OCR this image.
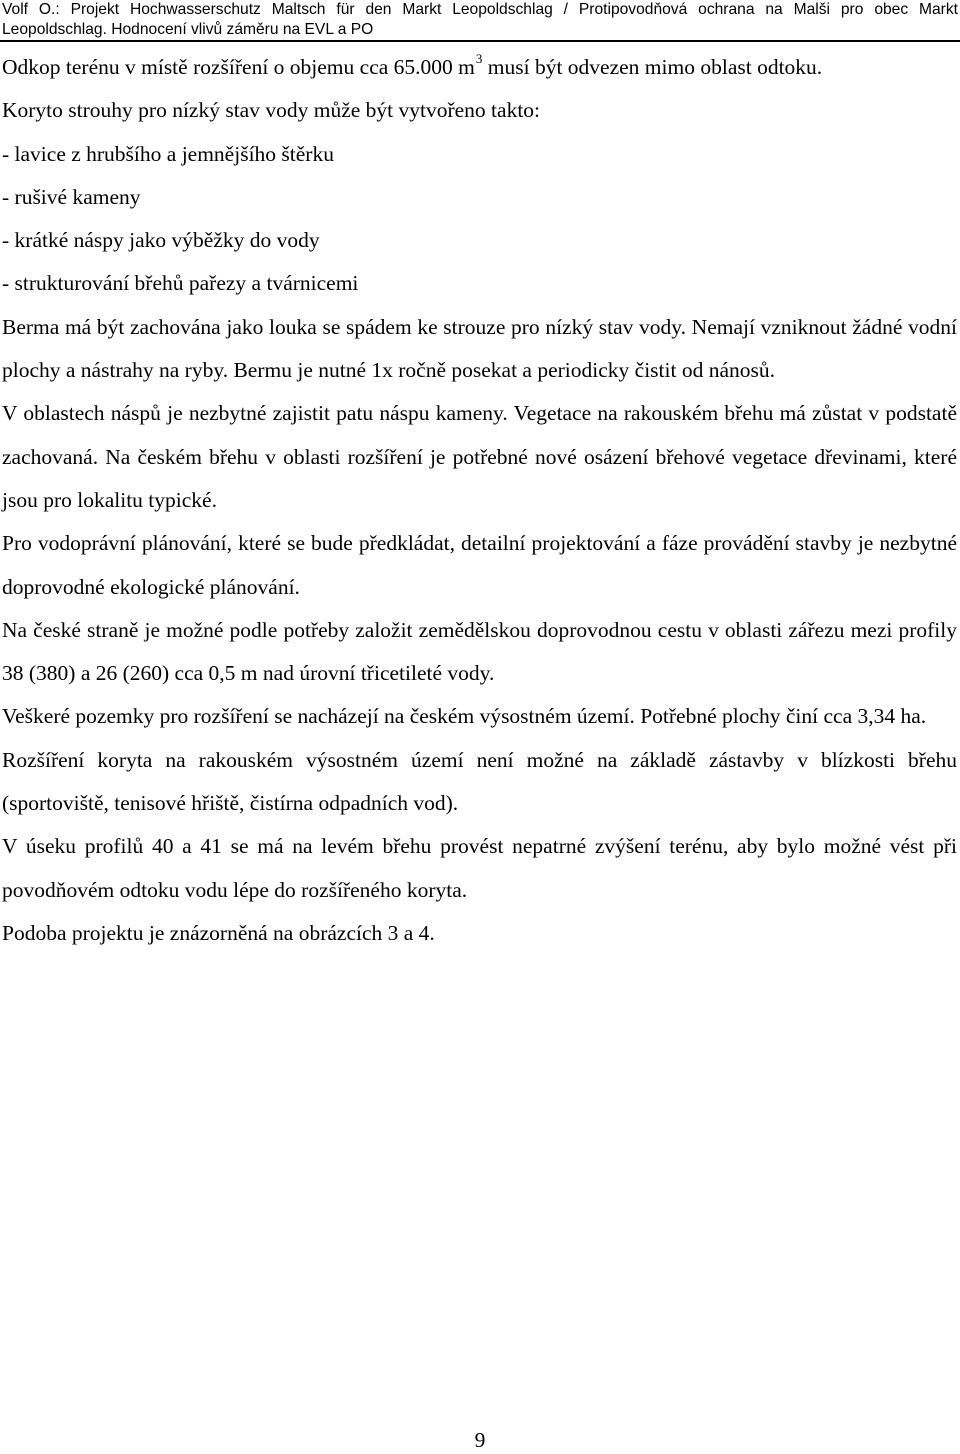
Volf O.: Projekt Hochwasserschutz Maltsch für den Markt Leopoldschlag / Protipovodňová ochrana na Malši pro obec Markt
Leopoldschlag. Hodnocení vlivů záměru na EVL a PO

Odkop terénu v místě rozšíření o objemu cca 65.000 $m^3$ musí být odvezen mimo oblast odtoku.

Koryto strouhy pro nízký stav vody může být vytvořeno takto:

- lavice z hrubšího a jemnějšího štěrku

- rušivé kameny

- krátké náspy jako výběžky do vody

- strukturování břehů pařezy a tvárnicemi

Berma má být zachována jako louka se spádem ke strouze pro nízký stav vody. Nemají vzniknout žádné vodní plochy a nástrahy na ryby. Bermu je nutné 1x ročně posekat a periodicky čistit od nánosů.

V oblastech náspů je nezbytné zajistit patu náspu kameny. Vegetace na rakouském břehu má zůstat v podstatě zachovaná. Na českém břehu v oblasti rozšíření je potřebné nové osázení břehové vegetace dřevinami, které jsou pro lokalitu typické.

Pro vodoprávní plánování, které se bude předkládat, detailní projektování a fáze provádění stavby je nezbytné doprovodné ekologické plánování.

Na české straně je možné podle potřeby založit zemědělskou doprovodnou cestu v oblasti zářezu mezi profily 38 (380) a 26 (260) cca 0,5 m nad úrovní třicetileté vody.

Veškeré pozemky pro rozšíření se nacházejí na českém výsostném území. Potřebné plochy činí cca 3,34 ha.

Rozšíření koryta na rakouském výsostném území není možné na základě zástavby v blízkosti břehu (sportoviště, tenisové hřiště, čistírna odpadních vod).

V úseku profilů 40 a 41 se má na levém břehu provést nepatrné zvýšení terénu, aby bylo možné vést při povodňovém odtoku vodu lépe do rozšířeného koryta.

Podoba projektu je znázorněná na obrázcích 3 a 4.

9
